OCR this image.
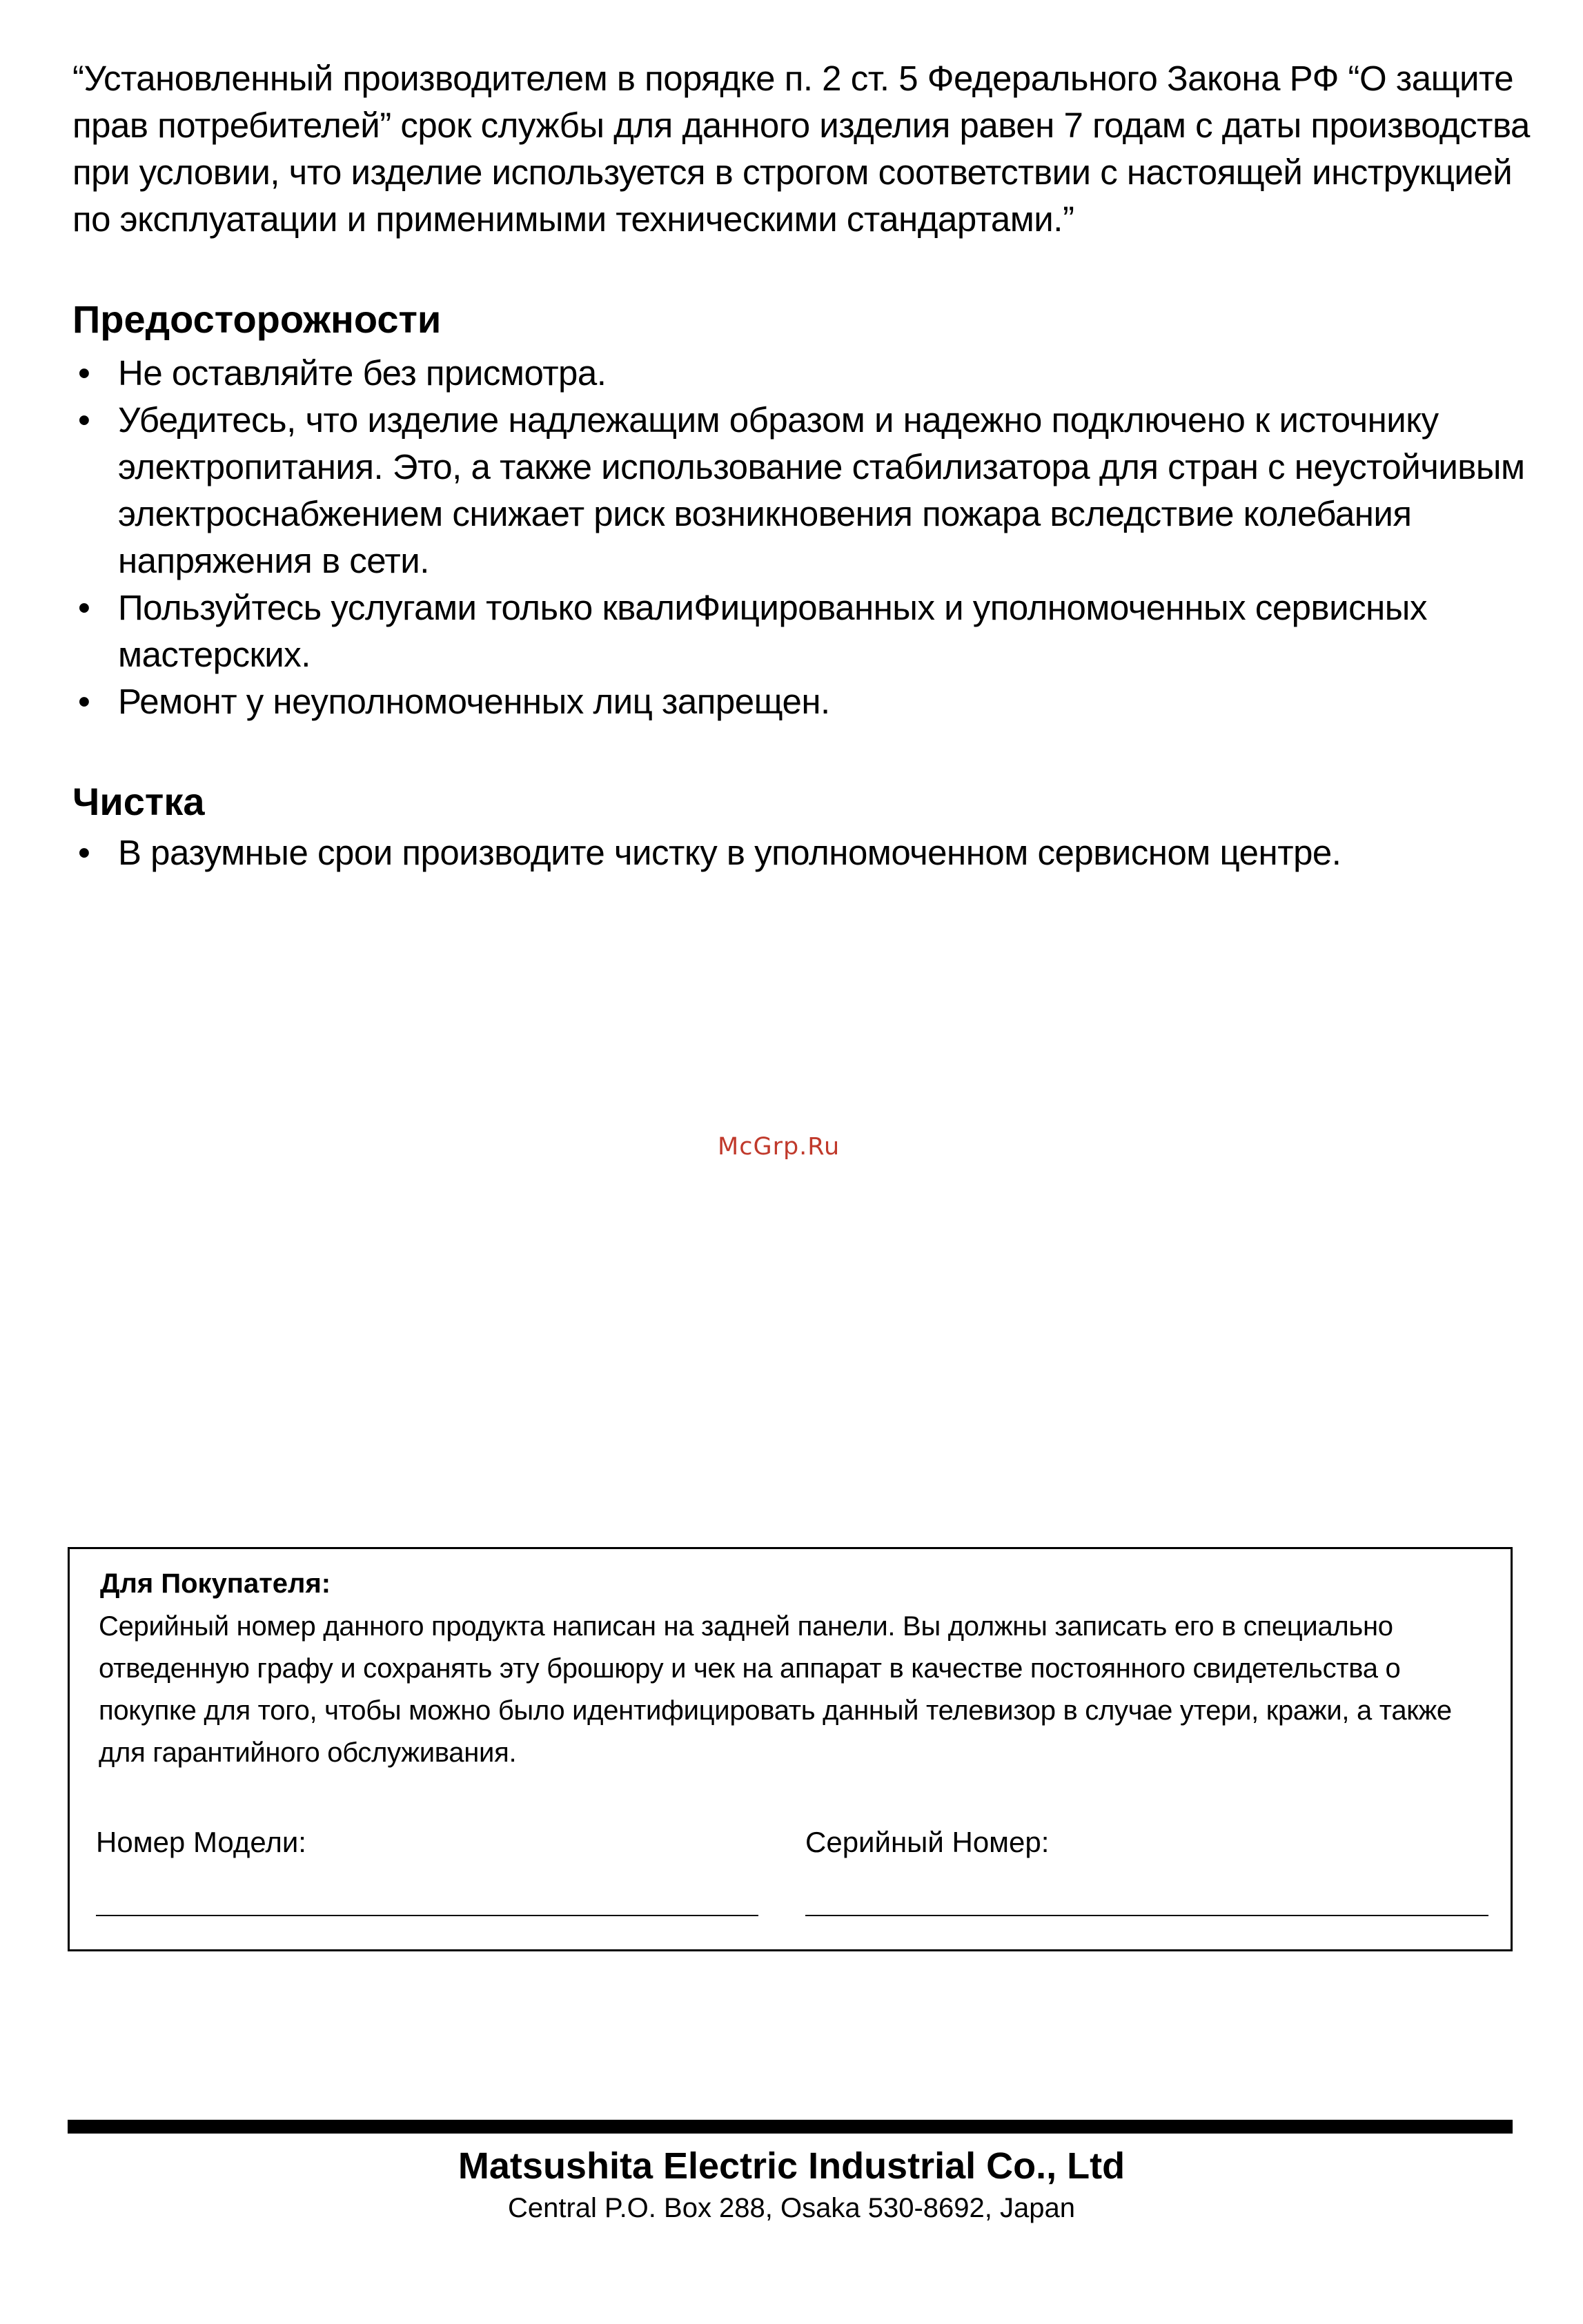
“Установленный производителем в порядке п. 2 ст. 5 Федерального Закона РФ “О защите прав потребителей” срок службы для данного изделия равен 7 годам с даты производства при условии, что изделие используется в строгом соответствии с настоящей инструкцией по эксплуатации и применимыми техническими стандартами.”

Предосторожности
• Не оставляйте без присмотра.
• Убедитесь, что изделие надлежащим образом и надежно подключено к источнику электропитания. Это, а также использование стабилизатора для стран с неустойчивым электроснабжением снижает риск возникновения пожара вследствие колебания напряжения в сети.
• Пользуйтесь услугами только квалиФицированных и уполномоченных сервисных мастерских.
• Ремонт у неуполномоченных лиц запрещен.
Чистка
• В разумные срои производите чистку в уполномоченном сервисном центре.
McGrp.Ru
Для Покупателя:

Серийный номер данного продукта написан на задней панели. Вы должны записать его в специально отведенную графу и сохранять эту брошюру и чек на аппарат в качестве постоянного свидетельства о покупке для того, чтобы можно было идентифицировать данный телевизор в случае утери, кражи, а также для гарантийного обслуживания.

Номер Модели:	Серийный Номер:

Matsushita Electric Industrial Co., Ltd

Central P.O. Box 288, Osaka 530-8692, Japan
